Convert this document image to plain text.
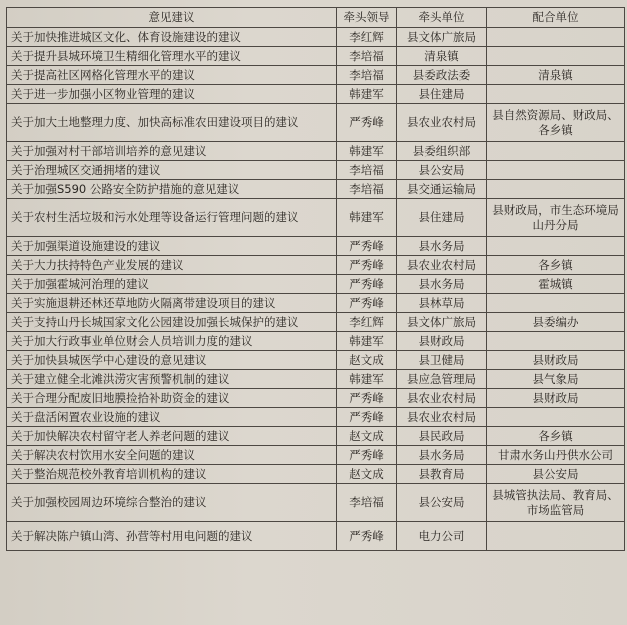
意见建议	牵头领导	牵头单位	配合单位
关于加快推进城区文化、体育设施建设的建议	李红辉	县文体广旅局	
关于提升县城环境卫生精细化管理水平的建议	李培福	清泉镇	
关于提高社区网格化管理水平的建议	李培福	县委政法委	清泉镇
关于进一步加强小区物业管理的建议	韩建军	县住建局	
关于加大土地整理力度、加快高标准农田建设项目的建议	严秀峰	县农业农村局	县自然资源局、财政局、各乡镇
关于加强对村干部培训培养的意见建议	韩建军	县委组织部	
关于治理城区交通拥堵的建议	李培福	县公安局	
关于加强S590 公路安全防护措施的意见建议	李培福	县交通运输局	
关于农村生活垃圾和污水处理等设备运行管理问题的建议	韩建军	县住建局	县财政局，市生态环境局山丹分局
关于加强渠道设施建设的建议	严秀峰	县水务局	
关于大力扶持特色产业发展的建议	严秀峰	县农业农村局	各乡镇
关于加强霍城河治理的建议	严秀峰	县水务局	霍城镇
关于实施退耕还林还草地防火隔离带建设项目的建议	严秀峰	县林草局	
关于支持山丹长城国家文化公园建设加强长城保护的建议	李红辉	县文体广旅局	县委编办
关于加大行政事业单位财会人员培训力度的建议	韩建军	县财政局	
关于加快县城医学中心建设的意见建议	赵文成	县卫健局	县财政局
关于建立健全北滩洪涝灾害预警机制的建议	韩建军	县应急管理局	县气象局
关于合理分配废旧地膜捡拾补助资金的建议	严秀峰	县农业农村局	县财政局
关于盘活闲置农业设施的建议	严秀峰	县农业农村局	
关于加快解决农村留守老人养老问题的建议	赵文成	县民政局	各乡镇
关于解决农村饮用水安全问题的建议	严秀峰	县水务局	甘肃水务山丹供水公司
关于整治规范校外教育培训机构的建议	赵文成	县教育局	县公安局
关于加强校园周边环境综合整治的建议	李培福	县公安局	县城管执法局、教育局、市场监管局
关于解决陈户镇山湾、孙营等村用电问题的建议	严秀峰	电力公司	
